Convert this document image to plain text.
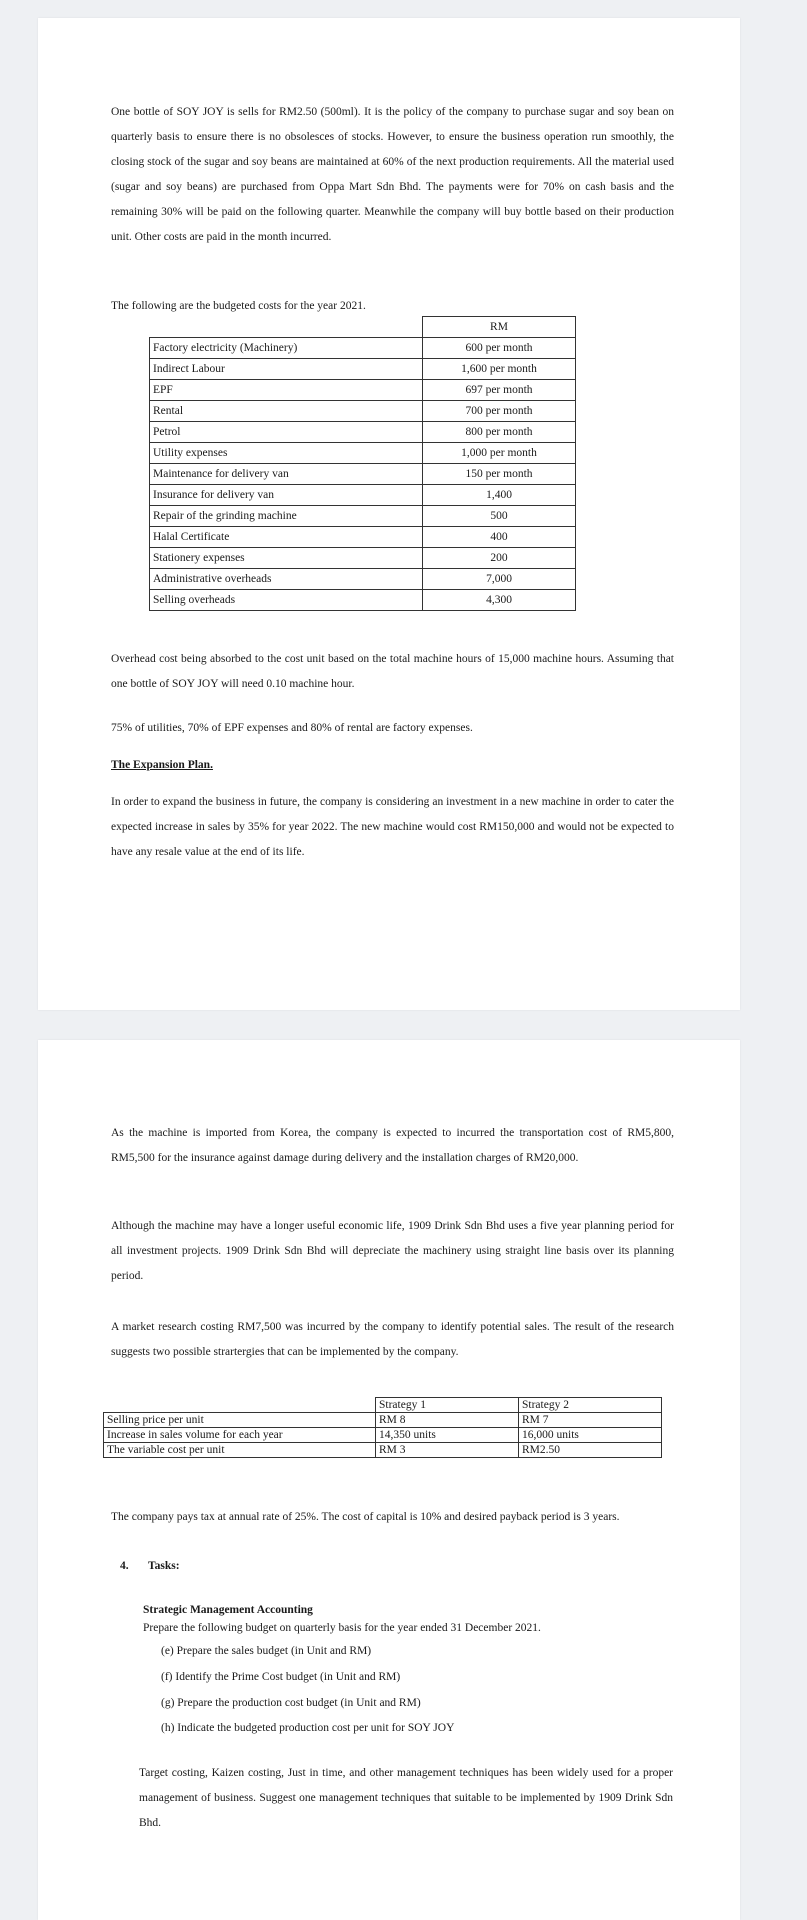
One bottle of SOY JOY is sells for RM2.50 (500ml). It is the policy of the company to purchase sugar and soy bean on quarterly basis to ensure there is no obsolesces of stocks. However, to ensure the business operation run smoothly, the closing stock of the sugar and soy beans are maintained at 60% of the next production requirements. All the material used (sugar and soy beans) are purchased from Oppa Mart Sdn Bhd. The payments were for 70% on cash basis and the remaining 30% will be paid on the following quarter. Meanwhile the company will buy bottle based on their production unit. Other costs are paid in the month incurred.

The following are the budgeted costs for the year 2021.

	RM
Factory electricity (Machinery)	600 per month
Indirect Labour	1,600 per month
EPF	697 per month
Rental	700 per month
Petrol	800 per month
Utility expenses	1,000 per month
Maintenance for delivery van	150 per month
Insurance for delivery van	1,400
Repair of the grinding machine	500
Halal Certificate	400
Stationery expenses	200
Administrative overheads	7,000
Selling overheads	4,300

Overhead cost being absorbed to the cost unit based on the total machine hours of 15,000 machine hours. Assuming that one bottle of SOY JOY will need 0.10 machine hour.

75% of utilities, 70% of EPF expenses and 80% of rental are factory expenses.

The Expansion Plan.

In order to expand the business in future, the company is considering an investment in a new machine in order to cater the expected increase in sales by 35% for year 2022. The new machine would cost RM150,000 and would not be expected to have any resale value at the end of its life.

As the machine is imported from Korea, the company is expected to incurred the transportation cost of RM5,800, RM5,500 for the insurance against damage during delivery and the installation charges of RM20,000.

Although the machine may have a longer useful economic life, 1909 Drink Sdn Bhd uses a five year planning period for all investment projects. 1909 Drink Sdn Bhd will depreciate the machinery using straight line basis over its planning period.

A market research costing RM7,500 was incurred by the company to identify potential sales. The result of the research suggests two possible strartergies that can be implemented by the company.

	Strategy 1	Strategy 2
Selling price per unit	RM 8	RM 7
Increase in sales volume for each year	14,350 units	16,000 units
The variable cost per unit	RM 3	RM2.50

The company pays tax at annual rate of 25%. The cost of capital is 10% and desired payback period is 3 years.

4. Tasks:

Strategic Management Accounting

Prepare the following budget on quarterly basis for the year ended 31 December 2021.

(e) Prepare the sales budget (in Unit and RM)
(f) Identify the Prime Cost budget (in Unit and RM)
(g) Prepare the production cost budget (in Unit and RM)
(h) Indicate the budgeted production cost per unit for SOY JOY

Target costing, Kaizen costing, Just in time, and other management techniques has been widely used for a proper management of business. Suggest one management techniques that suitable to be implemented by 1909 Drink Sdn Bhd.
